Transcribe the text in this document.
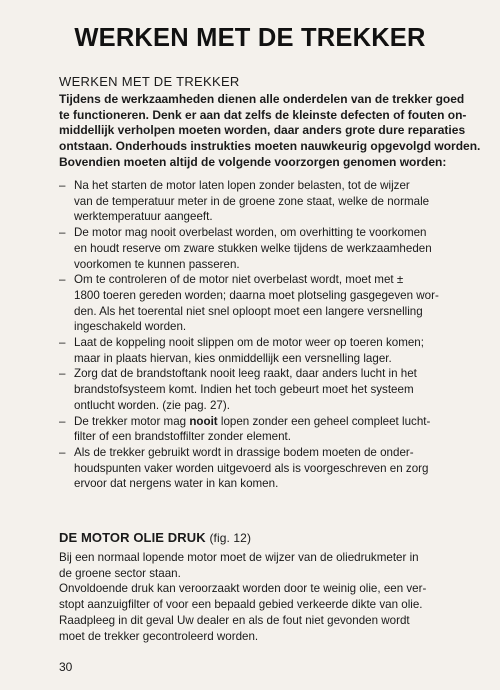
WERKEN MET DE TREKKER
WERKEN MET DE TREKKER
Tijdens de werkzaamheden dienen alle onderdelen van de trekker goed
te functioneren. Denk er aan dat zelfs de kleinste defecten of fouten on-
middellijk verholpen moeten worden, daar anders grote dure reparaties
ontstaan. Onderhouds instrukties moeten nauwkeurig opgevolgd worden.
Bovendien moeten altijd de volgende voorzorgen genomen worden:
– Na het starten de motor laten lopen zonder belasten, tot de wijzer
van de temperatuur meter in de groene zone staat, welke de normale
werktemperatuur aangeeft.
– De motor mag nooit overbelast worden, om overhitting te voorkomen
en houdt reserve om zware stukken welke tijdens de werkzaamheden
voorkomen te kunnen passeren.
– Om te controleren of de motor niet overbelast wordt, moet met ±
1800 toeren gereden worden; daarna moet plotseling gasgegeven wor-
den. Als het toerental niet snel oploopt moet een langere versnelling
ingeschakeld worden.
– Laat de koppeling nooit slippen om de motor weer op toeren komen;
maar in plaats hiervan, kies onmiddellijk een versnelling lager.
– Zorg dat de brandstoftank nooit leeg raakt, daar anders lucht in het
brandstofsysteem komt. Indien het toch gebeurt moet het systeem
ontlucht worden. (zie pag. 27).
– De trekker motor mag nooit lopen zonder een geheel compleet lucht-
filter of een brandstoffilter zonder element.
– Als de trekker gebruikt wordt in drassige bodem moeten de onder-
houdspunten vaker worden uitgevoerd als is voorgeschreven en zorg
ervoor dat nergens water in kan komen.
DE MOTOR OLIE DRUK (fig. 12)
Bij een normaal lopende motor moet de wijzer van de oliedrukmeter in
de groene sector staan.
Onvoldoende druk kan veroorzaakt worden door te weinig olie, een ver-
stopt aanzuigfilter of voor een bepaald gebied verkeerde dikte van olie.
Raadpleeg in dit geval Uw dealer en als de fout niet gevonden wordt
moet de trekker gecontroleerd worden.

30
